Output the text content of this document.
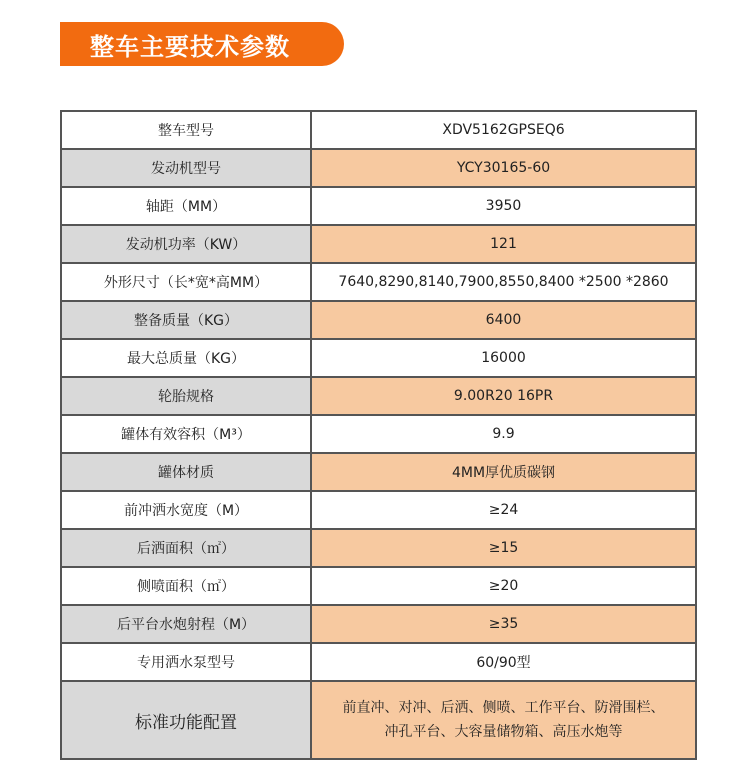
整车主要技术参数
整车型号	XDV5162GPSEQ6
发动机型号	YCY30165-60
轴距（MM）	3950
发动机功率（KW）	121
外形尺寸（长*宽*高MM）	7640,8290,8140,7900,8550,8400 *2500 *2860
整备质量（KG）	6400
最大总质量（KG）	16000
轮胎规格	9.00R20 16PR
罐体有效容积（M³）	9.9
罐体材质	4MM厚优质碳钢
前冲洒水宽度（M）	≥24
后洒面积（㎡）	≥15
侧喷面积（㎡）	≥20
后平台水炮射程（M）	≥35
专用洒水泵型号	60/90型
标准功能配置	前直冲、对冲、后洒、侧喷、工作平台、防滑围栏、
冲孔平台、大容量储物箱、高压水炮等
